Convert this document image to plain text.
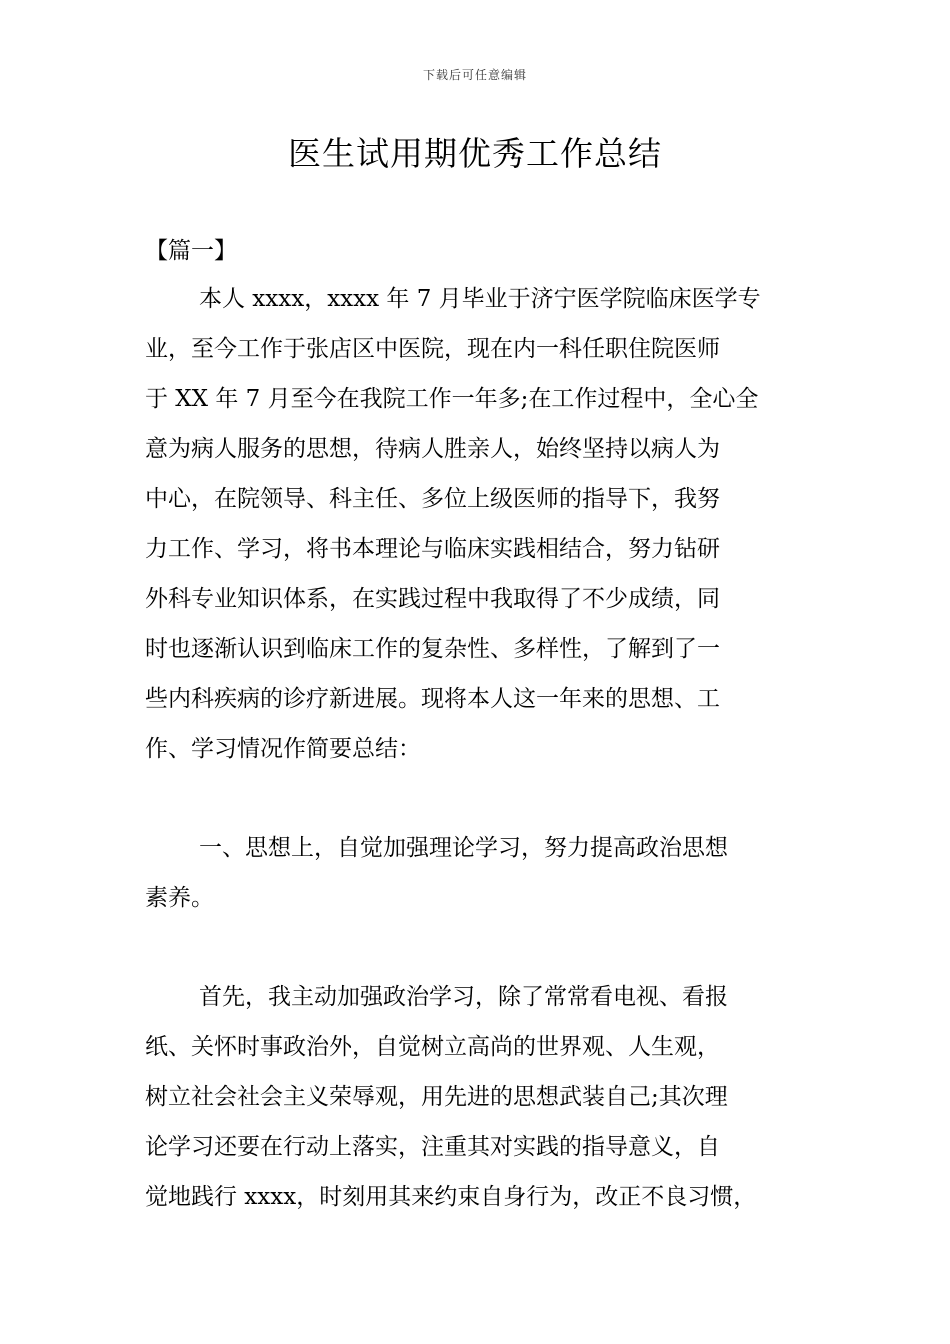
下载后可任意编辑
医生试用期优秀工作总结
【篇一】
本人 xxxx，xxxx 年 7 月毕业于济宁医学院临床医学专
业，至今工作于张店区中医院，现在内一科任职住院医师
于 XX 年 7 月至今在我院工作一年多;在工作过程中，全心全
意为病人服务的思想，待病人胜亲人，始终坚持以病人为
中心，在院领导、科主任、多位上级医师的指导下，我努
力工作、学习，将书本理论与临床实践相结合，努力钻研
外科专业知识体系，在实践过程中我取得了不少成绩，同
时也逐渐认识到临床工作的复杂性、多样性，了解到了一
些内科疾病的诊疗新进展。现将本人这一年来的思想、工
作、学习情况作简要总结：
一、思想上，自觉加强理论学习，努力提高政治思想
素养。
首先，我主动加强政治学习，除了常常看电视、看报
纸、关怀时事政治外，自觉树立高尚的世界观、人生观，
树立社会社会主义荣辱观，用先进的思想武装自己;其次理
论学习还要在行动上落实，注重其对实践的指导意义，自
觉地践行 xxxx，时刻用其来约束自身行为，改正不良习惯，
